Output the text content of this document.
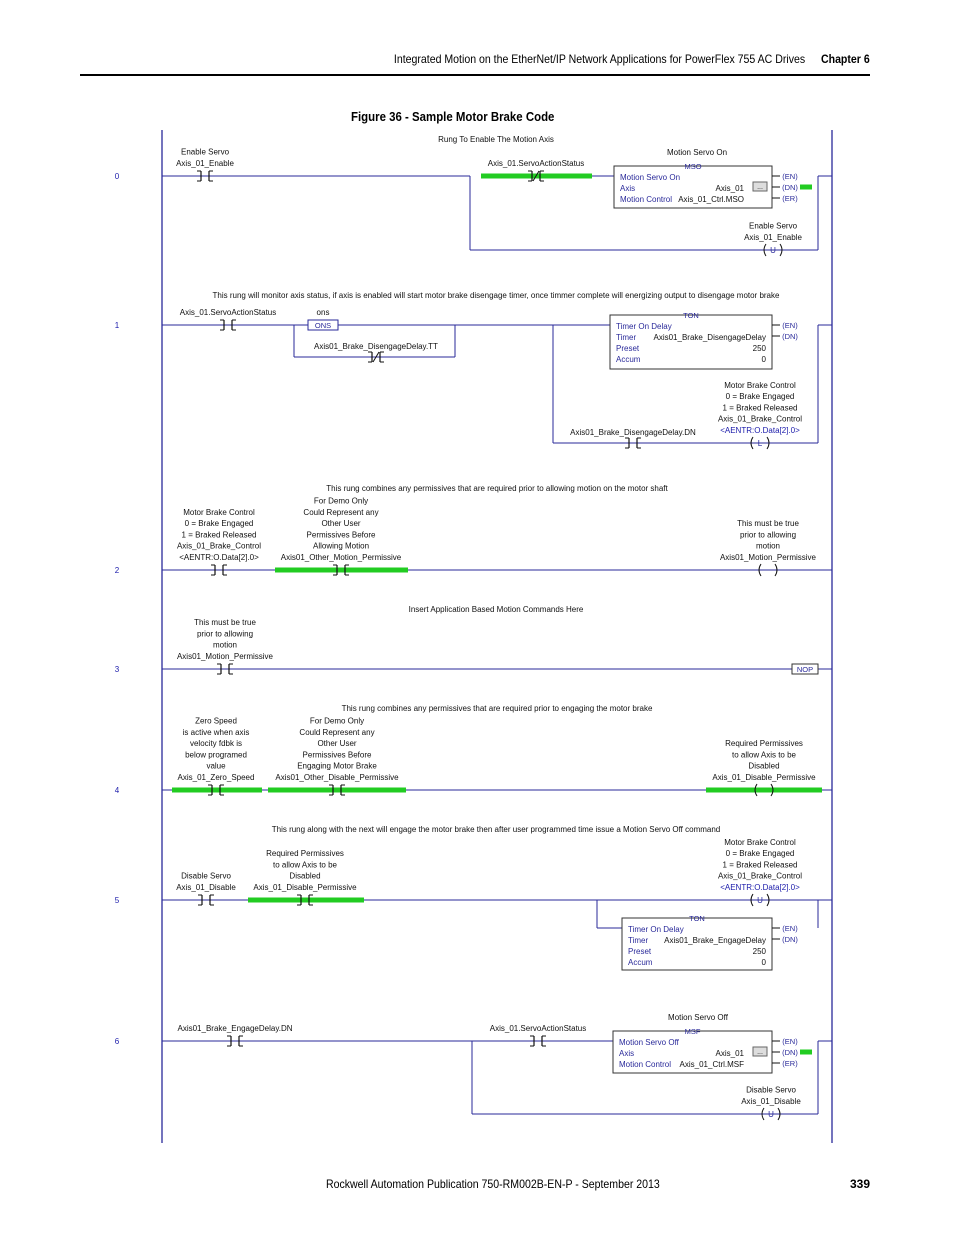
Integrated Motion on the EtherNet/IP Network Applications for PowerFlex 755 AC Drives Chapter 6
Figure 36 - Sample Motor Brake Code
0
1
2
3
4
5
6
Rung To Enable The Motion Axis
Axis_01_Enable
Enable Servo
Axis_01.ServoActionStatus
Motion Servo On
MSO
Motion Servo On
Axis	Axis_01
Motion Control Axis_01_Ctrl.MSO
(EN)
(DN)
(ER)
...
U
Axis_01_Enable
Enable Servo
This rung will monitor axis status, if axis is enabled will start motor brake disengage timer, once timmer complete will energizing output to disengage motor brake
Axis_01.ServoActionStatus	ons
ONS
Axis01_Brake_DisengageDelay.TT
TON
Timer On Delay
Timer Axis01_Brake_DisengageDelay
Preset	250
Accum	0
(EN)
(DN)
Axis01_Brake_DisengageDelay.DN
L
<AENTR:O.Data[2].0>
Motor Brake Control
0 = Brake Engaged
1 = Braked Released
Axis_01_Brake_Control
This rung combines any permissives that are required prior to allowing motion on the motor shaft
<AENTR:O.Data[2].0>
Motor Brake Control
0 = Brake Engaged
1 = Braked Released
Axis_01_Brake_Control
Axis01_Other_Motion_Permissive
For Demo Only
Could Represent any
Other User
Permissives Before
Allowing Motion
Axis01_Motion_Permissive
This must be true
prior to allowing
motion
Insert Application Based Motion Commands Here
Axis01_Motion_Permissive
This must be true
prior to allowing
motion
NOP
This rung combines any permissives that are required prior to engaging the motor brake
Axis_01_Zero_Speed
Zero Speed
is active when axis
velocity fdbk is
below programed
value
Axis01_Other_Disable_Permissive
For Demo Only
Could Represent any
Other User
Permissives Before
Engaging Motor Brake
Axis_01_Disable_Permissive
Required Permissives
to allow Axis to be
Disabled
This rung along with the next will engage the motor brake then after user programmed time issue a Motion Servo Off command
Axis_01_Disable
Disable Servo
Axis_01_Disable_Permissive
Required Permissives
to allow Axis to be
Disabled
U
<AENTR:O.Data[2].0>
Motor Brake Control
0 = Brake Engaged
1 = Braked Released
Axis_01_Brake_Control
TON
Timer On Delay
Timer Axis01_Brake_EngageDelay
Preset	250
Accum	0
(EN)
(DN)
Axis01_Brake_EngageDelay.DN	Axis_01.ServoActionStatus
Motion Servo Off
MSF
Motion Servo Off
Axis	Axis_01
Motion Control Axis_01_Ctrl.MSF
(EN)
(DN)
(ER)
...
U
Axis_01_Disable
Disable Servo
Rockwell Automation Publication 750-RM002B-EN-P - September 2013	339
